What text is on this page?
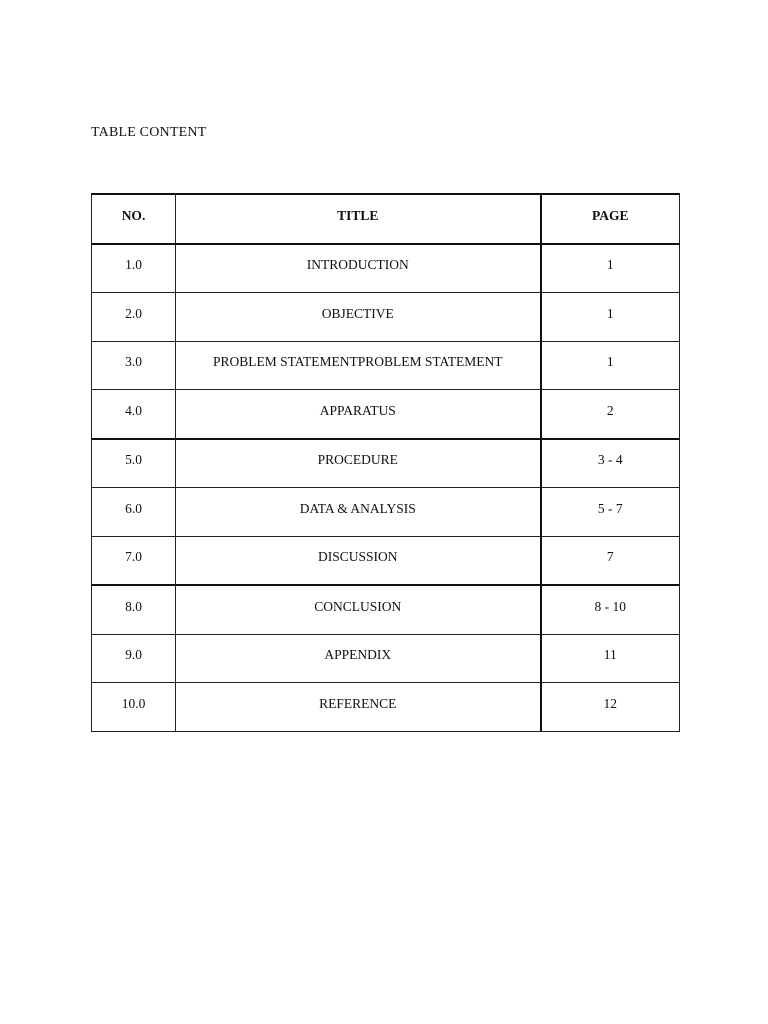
TABLE CONTENT
NO.	TITLE	PAGE
1.0	INTRODUCTION	1
2.0	OBJECTIVE	1
3.0	PROBLEM STATEMENTPROBLEM STATEMENT	1
4.0	APPARATUS	2
5.0	PROCEDURE	3 - 4
6.0	DATA & ANALYSIS	5 - 7
7.0	DISCUSSION	7
8.0	CONCLUSION	8 - 10
9.0	APPENDIX	11
10.0	REFERENCE	12
